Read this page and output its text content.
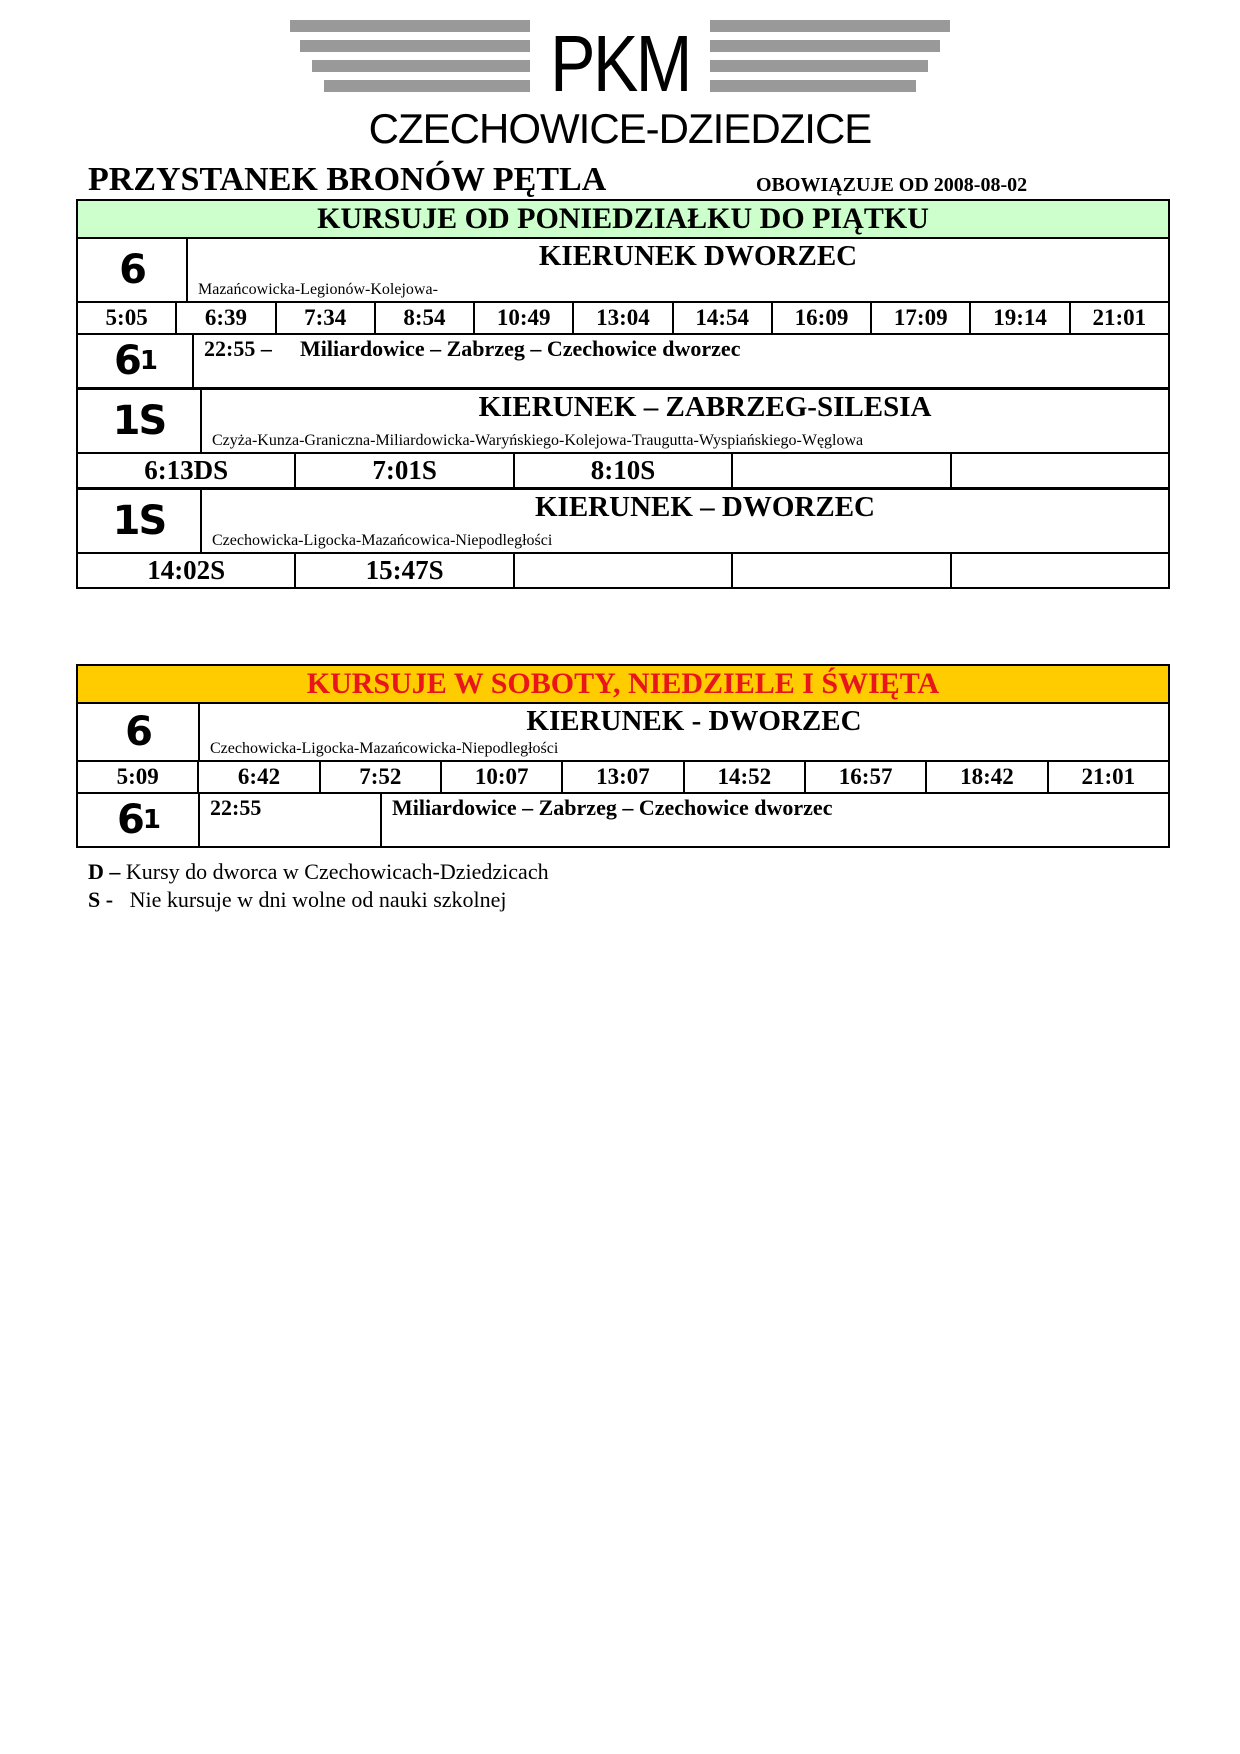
PKM
CZECHOWICE-DZIEDZICE
PRZYSTANEK BRONÓW PĘTLA	OBOWIĄZUJE OD 2008-08-02
KURSUJE OD PONIEDZIAŁKU DO PIĄTKU
6	KIERUNEK DWORZEC
Mazańcowicka-Legionów-Kolejowa-
5:05	6:39	7:34	8:54	10:49	13:04	14:54	16:09	17:09	19:14	21:01
6 1	22:55 –	Miliardowice – Zabrzeg – Czechowice dworzec
1S	KIERUNEK – ZABRZEG-SILESIA
Czyża-Kunza-Graniczna-Miliardowicka-Waryńskiego-Kolejowa-Traugutta-Wyspiańskiego-Węglowa
6:13DS	7:01S	8:10S
1S	KIERUNEK – DWORZEC
Czechowicka-Ligocka-Mazańcowica-Niepodległości
14:02S	15:47S
KURSUJE W SOBOTY, NIEDZIELE I ŚWIĘTA
6	KIERUNEK - DWORZEC
Czechowicka-Ligocka-Mazańcowicka-Niepodległości
5:09	6:42	7:52	10:07	13:07	14:52	16:57	18:42	21:01
6 1	22:55	Miliardowice – Zabrzeg – Czechowice dworzec
D – Kursy do dworca w Czechowicach-Dziedzicach
S -   Nie kursuje w dni wolne od nauki szkolnej
